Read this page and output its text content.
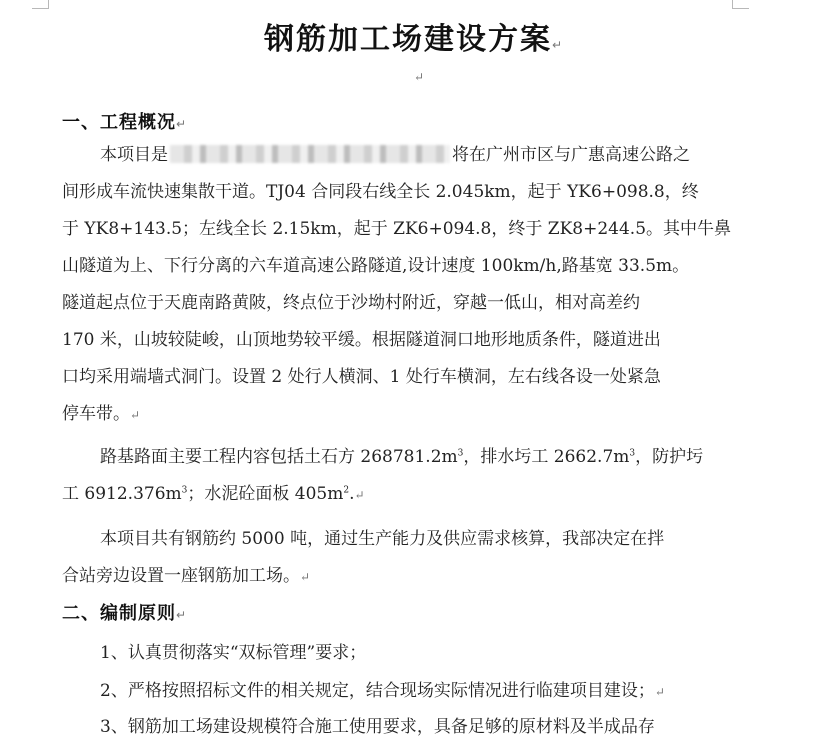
钢筋加工场建设方案↵
↵
一、工程概况↵
本项目是	将在广州市区与广惠高速公路之
间形成车流快速集散干道。TJ04 合同段右线全长 2.045km，起于 YK6+098.8，终
于 YK8+143.5；左线全长 2.15km，起于 ZK6+094.8，终于 ZK8+244.5。其中牛鼻
山隧道为上、下行分离的六车道高速公路隧道,设计速度 100km/h,路基宽 33.5m。
隧道起点位于天鹿南路黄陂，终点位于沙坳村附近，穿越一低山，相对高差约
170 米，山坡较陡峻，山顶地势较平缓。根据隧道洞口地形地质条件，隧道进出
口均采用端墙式洞门。设置 2 处行人横洞、1 处行车横洞，左右线各设一处紧急
停车带。↵
路基路面主要工程内容包括土石方 $268781.2m^3$，排水圬工 $2662.7m^3$，防护圬
工 $6912.376m^3$；水泥砼面板 $405m^2.↵$
本项目共有钢筋约 5000 吨，通过生产能力及供应需求核算，我部决定在拌
合站旁边设置一座钢筋加工场。↵
二、编制原则↵
1、认真贯彻落实“双标管理”要求；
2、严格按照招标文件的相关规定，结合现场实际情况进行临建项目建设；↵
3、钢筋加工场建设规模符合施工使用要求，具备足够的原材料及半成品存
